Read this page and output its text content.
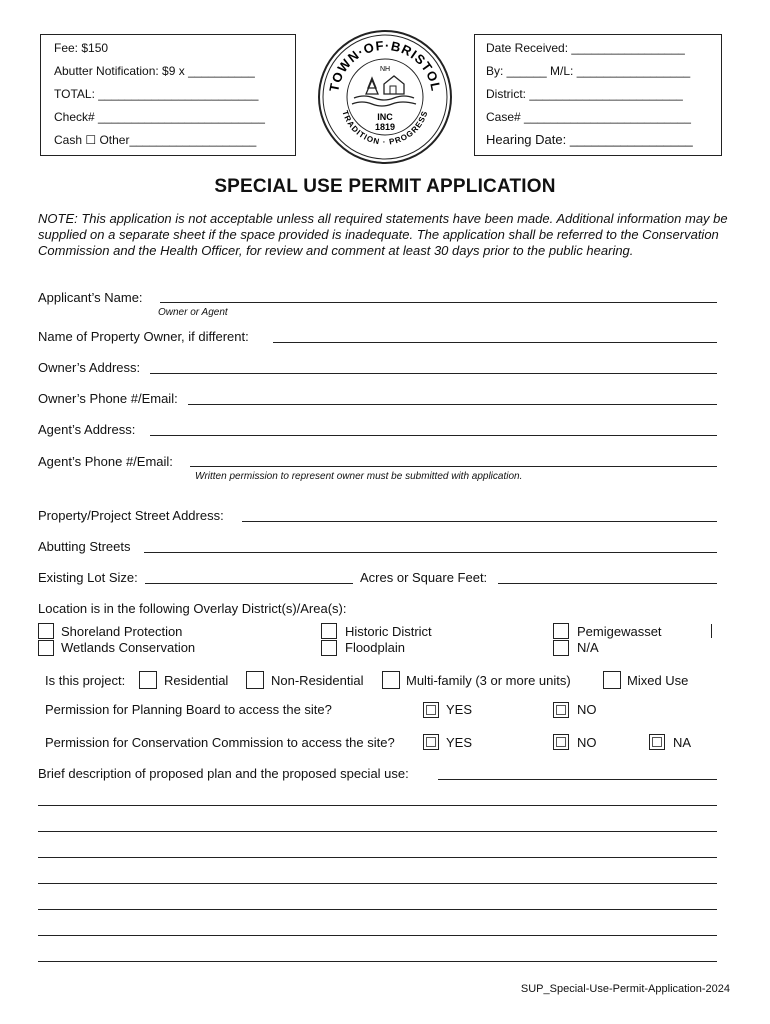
Fee: $150
Abutter Notification: $9 x __________
TOTAL: ________________________
Check# _________________________
Cash ☐ Other___________________
TOWN·OF·BRISTOL
TRADITION · PROGRESS
NH
INC
1819
Date Received: _________________
By: ______ M/L: _________________
District: _______________________
Case# _________________________
Hearing Date: _________________
SPECIAL USE PERMIT APPLICATION
NOTE: This application is not acceptable unless all required statements have been made. Additional information may be supplied on a separate sheet if the space provided is inadequate. The application shall be referred to the Conservation Commission and the Health Officer, for review and comment at least 30 days prior to the public hearing.
Applicant’s Name:
Owner or Agent
Name of Property Owner, if different:
Owner’s Address:
Owner’s Phone #/Email:
Agent’s Address:
Agent’s Phone #/Email:
Written permission to represent owner must be submitted with application.
Property/Project Street Address:
Abutting Streets
Existing Lot Size:	Acres or Square Feet:
Location is in the following Overlay District(s)/Area(s):
Shoreland Protection
Wetlands Conservation
Historic District
Floodplain
Pemigewasset
N/A
Is this project:	Residential	Non-Residential	Multi-family (3 or more units)	Mixed Use
Permission for Planning Board to access the site?	YES	NO
Permission for Conservation Commission to access the site?	YES	NO	NA
Brief description of proposed plan and the proposed special use:
SUP_Special-Use-Permit-Application-2024
